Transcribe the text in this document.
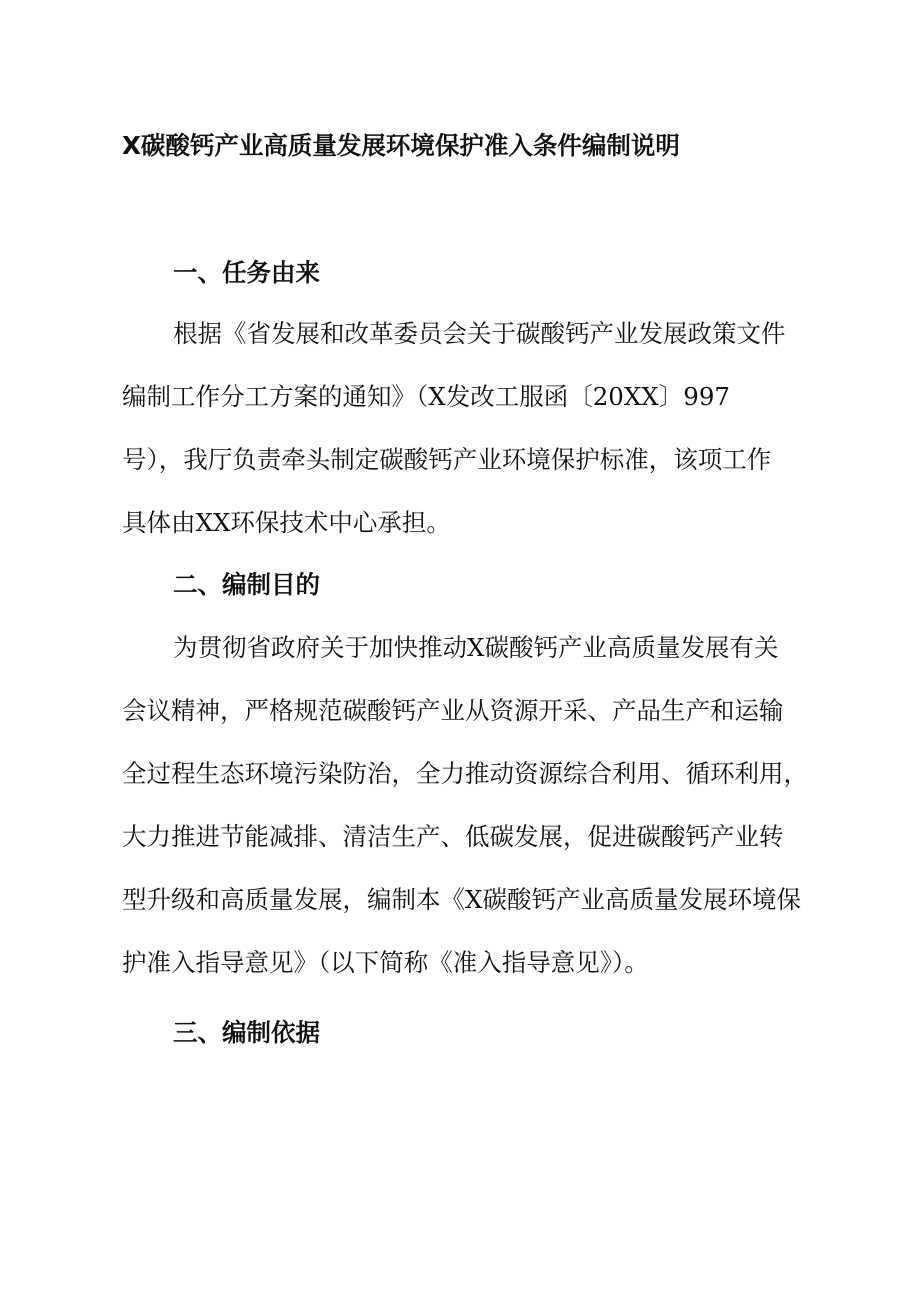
X碳酸钙产业高质量发展环境保护准入条件编制说明
一、任务由来
根据《省发展和改革委员会关于碳酸钙产业发展政策文件
编制工作分工方案的通知》（X发改工服函〔20XX〕997
号），我厅负责牵头制定碳酸钙产业环境保护标准，该项工作
具体由XX环保技术中心承担。
二、编制目的
为贯彻省政府关于加快推动X碳酸钙产业高质量发展有关
会议精神，严格规范碳酸钙产业从资源开采、产品生产和运输
全过程生态环境污染防治，全力推动资源综合利用、循环利用，
大力推进节能减排、清洁生产、低碳发展，促进碳酸钙产业转
型升级和高质量发展，编制本《X碳酸钙产业高质量发展环境保
护准入指导意见》（以下简称《准入指导意见》）。
三、编制依据
